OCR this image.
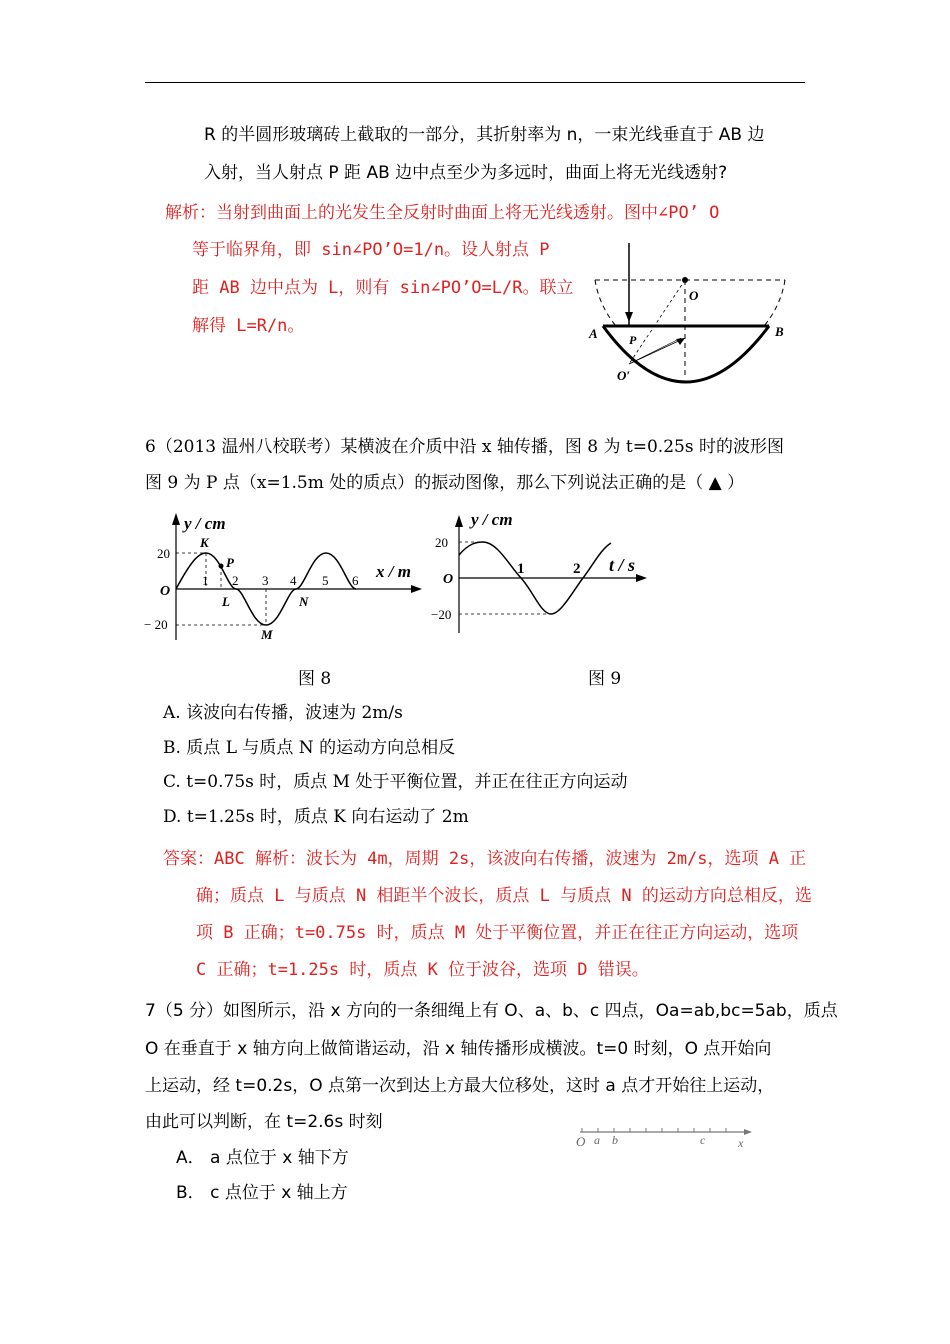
R 的半圆形玻璃砖上截取的一部分，其折射率为 n，一束光线垂直于 AB 边
入射，当人射点 P 距 AB 边中点至少为多远时，曲面上将无光线透射?
解析：当射到曲面上的光发生全反射时曲面上将无光线透射。图中∠PO’ O
等于临界角，即 sin∠PO’O=1/n。设人射点 P
距 AB 边中点为 L，则有 sin∠PO’O=L/R。联立
解得 L=R/n。
O
A	B
P
O′
6（2013 温州八校联考）某横波在介质中沿 x 轴传播，图 8 为 t=0.25s 时的波形图
图 9 为 P 点（x=1.5m 处的质点）的振动图像，那么下列说法正确的是（ ▲ ）
y / cm
x / m
O
20
− 20
1 2 3 4 5 6
K
P
L
M
N
y / cm
t / s
O
20
−20
1	2
图 8	图 9
A. 该波向右传播，波速为 2m/s
B. 质点 L 与质点 N 的运动方向总相反
C. t=0.75s 时，质点 M 处于平衡位置，并正在往正方向运动
D. t=1.25s 时，质点 K 向右运动了 2m
答案：ABC 解析：波长为 4m，周期 2s，该波向右传播，波速为 2m/s，选项 A 正
确；质点 L 与质点 N 相距半个波长，质点 L 与质点 N 的运动方向总相反，选
项 B 正确；t=0.75s 时，质点 M 处于平衡位置，并正在往正方向运动，选项
C 正确；t=1.25s 时，质点 K 位于波谷，选项 D 错误。
7（5 分）如图所示，沿 x 方向的一条细绳上有 O、a、b、c 四点，Oa=ab,bc=5ab，质点
O 在垂直于 x 轴方向上做简谐运动，沿 x 轴传播形成横波。t=0 时刻，O 点开始向
上运动，经 t=0.2s，O 点第一次到达上方最大位移处，这时 a 点才开始往上运动，
由此可以判断，在 t=2.6s 时刻
O a b	c	x
A． a 点位于 x 轴下方
B． c 点位于 x 轴上方
